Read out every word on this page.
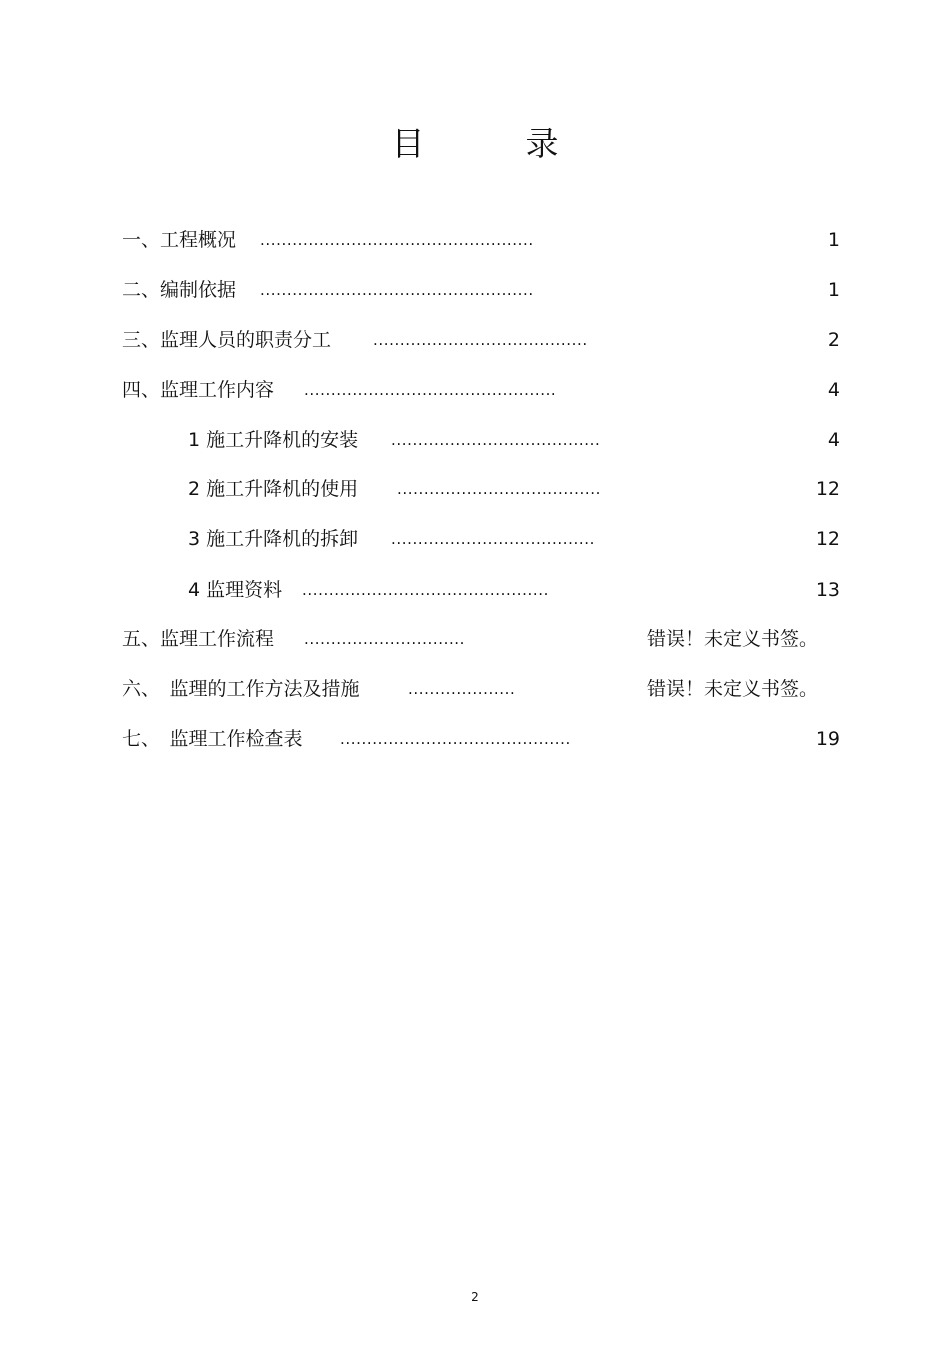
目　录
一、工程概况 ...................................................	1
二、编制依据 ...................................................	1
三、监理人员的职责分工	........................................	2
四、监理工作内容 ...............................................	4
1 施工升降机的安装 .......................................	4
2 施工升降机的使用	......................................	12
3 施工升降机的拆卸 ......................................	12
4 监理资料 ..............................................	13
五、监理工作流程 ..............................	错误！未定义书签。
六、　监理的工作方法及措施	....................	错误！未定义书签。
七、　监理工作检查表 ...........................................	19
2
